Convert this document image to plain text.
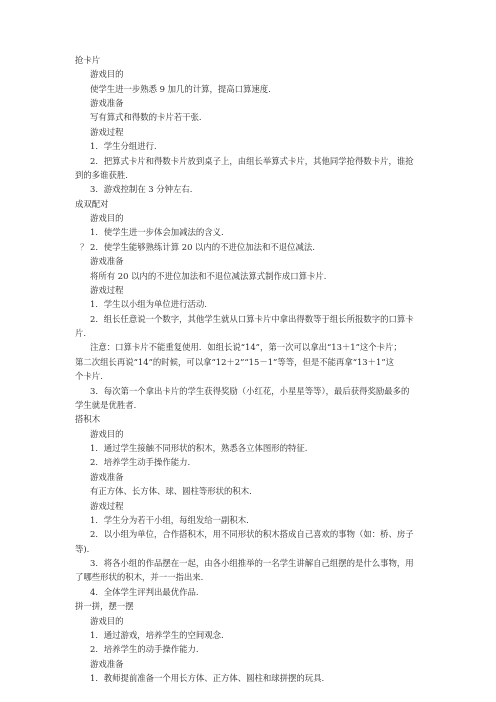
抢卡片
游戏目的
使学生进一步熟悉 9 加几的计算，提高口算速度.
游戏准备
写有算式和得数的卡片若干张.
游戏过程
1．学生分组进行.
2．把算式卡片和得数卡片放到桌子上，由组长举算式卡片，其他同学抢得数卡片，谁抢
到的多谁获胜.
3．游戏控制在 3 分钟左右.
成双配对
游戏目的
1．使学生进一步体会加减法的含义.
？ 2．使学生能够熟练计算 20 以内的不进位加法和不退位减法.
游戏准备
将所有 20 以内的不进位加法和不退位减法算式制作成口算卡片.
游戏过程
1．学生以小组为单位进行活动.
2．组长任意说一个数字，其他学生就从口算卡片中拿出得数等于组长所报数字的口算卡
片.
注意：口算卡片不能重复使用．如组长说“14”，第一次可以拿出“13＋1”这个卡片；
第二次组长再说“14”的时候，可以拿“12＋2”“15－1”等等，但是不能再拿“13＋1”这
个卡片.
3．每次第一个拿出卡片的学生获得奖励（小红花，小星星等等），最后获得奖励最多的
学生就是优胜者.
搭积木
游戏目的
1．通过学生接触不同形状的积木，熟悉各立体图形的特征.
2．培养学生动手操作能力.
游戏准备
有正方体、长方体、球、圆柱等形状的积木.
游戏过程
1．学生分为若干小组，每组发给一副积木.
2．以小组为单位，合作搭积木，用不同形状的积木搭成自己喜欢的事物（如：桥、房子
等).
3．将各小组的作品摆在一起，由各小组推举的一名学生讲解自己组摆的是什么事物，用
了哪些形状的积木，并一一指出来.
4．全体学生评判出最优作品.
拼一拼，摆一摆
游戏目的
1．通过游戏，培养学生的空间观念.
2．培养学生的动手操作能力.
游戏准备
1．教师提前准备一个用长方体、正方体、圆柱和球拼摆的玩具.
